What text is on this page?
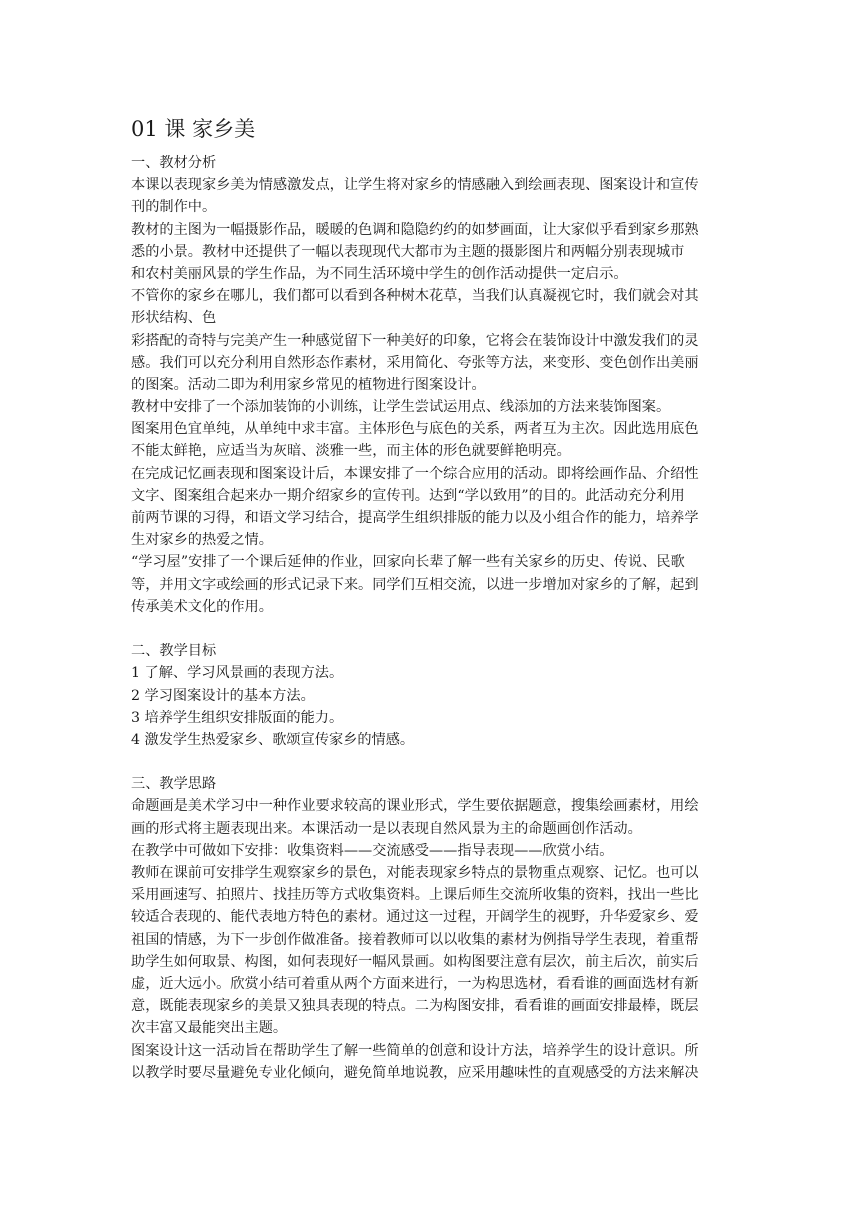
01 课 家乡美
一、教材分析
本课以表现家乡美为情感激发点，让学生将对家乡的情感融入到绘画表现、图案设计和宣传
刊的制作中。
教材的主图为一幅摄影作品，暖暖的色调和隐隐约约的如梦画面，让大家似乎看到家乡那熟
悉的小景。教材中还提供了一幅以表现现代大都市为主题的摄影图片和两幅分别表现城市
和农村美丽风景的学生作品，为不同生活环境中学生的创作活动提供一定启示。
不管你的家乡在哪儿，我们都可以看到各种树木花草，当我们认真凝视它时，我们就会对其
形状结构、色
彩搭配的奇特与完美产生一种感觉留下一种美好的印象，它将会在装饰设计中激发我们的灵
感。我们可以充分利用自然形态作素材，采用简化、夸张等方法，来变形、变色创作出美丽
的图案。活动二即为利用家乡常见的植物进行图案设计。
教材中安排了一个添加装饰的小训练，让学生尝试运用点、线添加的方法来装饰图案。
图案用色宜单纯，从单纯中求丰富。主体形色与底色的关系，两者互为主次。因此选用底色
不能太鲜艳，应适当为灰暗、淡雅一些，而主体的形色就要鲜艳明亮。
在完成记忆画表现和图案设计后，本课安排了一个综合应用的活动。即将绘画作品、介绍性
文字、图案组合起来办一期介绍家乡的宣传刊。达到“学以致用”的目的。此活动充分利用
前两节课的习得，和语文学习结合，提高学生组织排版的能力以及小组合作的能力，培养学
生对家乡的热爱之情。
“学习屋”安排了一个课后延伸的作业，回家向长辈了解一些有关家乡的历史、传说、民歌
等，并用文字或绘画的形式记录下来。同学们互相交流，以进一步增加对家乡的了解，起到
传承美术文化的作用。
二、教学目标
1 了解、学习风景画的表现方法。
2 学习图案设计的基本方法。
3 培养学生组织安排版面的能力。
4 激发学生热爱家乡、歌颂宣传家乡的情感。
三、教学思路
命题画是美术学习中一种作业要求较高的课业形式，学生要依据题意，搜集绘画素材，用绘
画的形式将主题表现出来。本课活动一是以表现自然风景为主的命题画创作活动。
在教学中可做如下安排：收集资料——交流感受——指导表现——欣赏小结。
教师在课前可安排学生观察家乡的景色，对能表现家乡特点的景物重点观察、记忆。也可以
采用画速写、拍照片、找挂历等方式收集资料。上课后师生交流所收集的资料，找出一些比
较适合表现的、能代表地方特色的素材。通过这一过程，开阔学生的视野，升华爱家乡、爱
祖国的情感，为下一步创作做准备。接着教师可以以收集的素材为例指导学生表现，着重帮
助学生如何取景、构图，如何表现好一幅风景画。如构图要注意有层次，前主后次，前实后
虚，近大远小。欣赏小结可着重从两个方面来进行，一为构思选材，看看谁的画面选材有新
意，既能表现家乡的美景又独具表现的特点。二为构图安排，看看谁的画面安排最棒，既层
次丰富又最能突出主题。
图案设计这一活动旨在帮助学生了解一些简单的创意和设计方法，培养学生的设计意识。所
以教学时要尽量避免专业化倾向，避免简单地说教，应采用趣味性的直观感受的方法来解决
